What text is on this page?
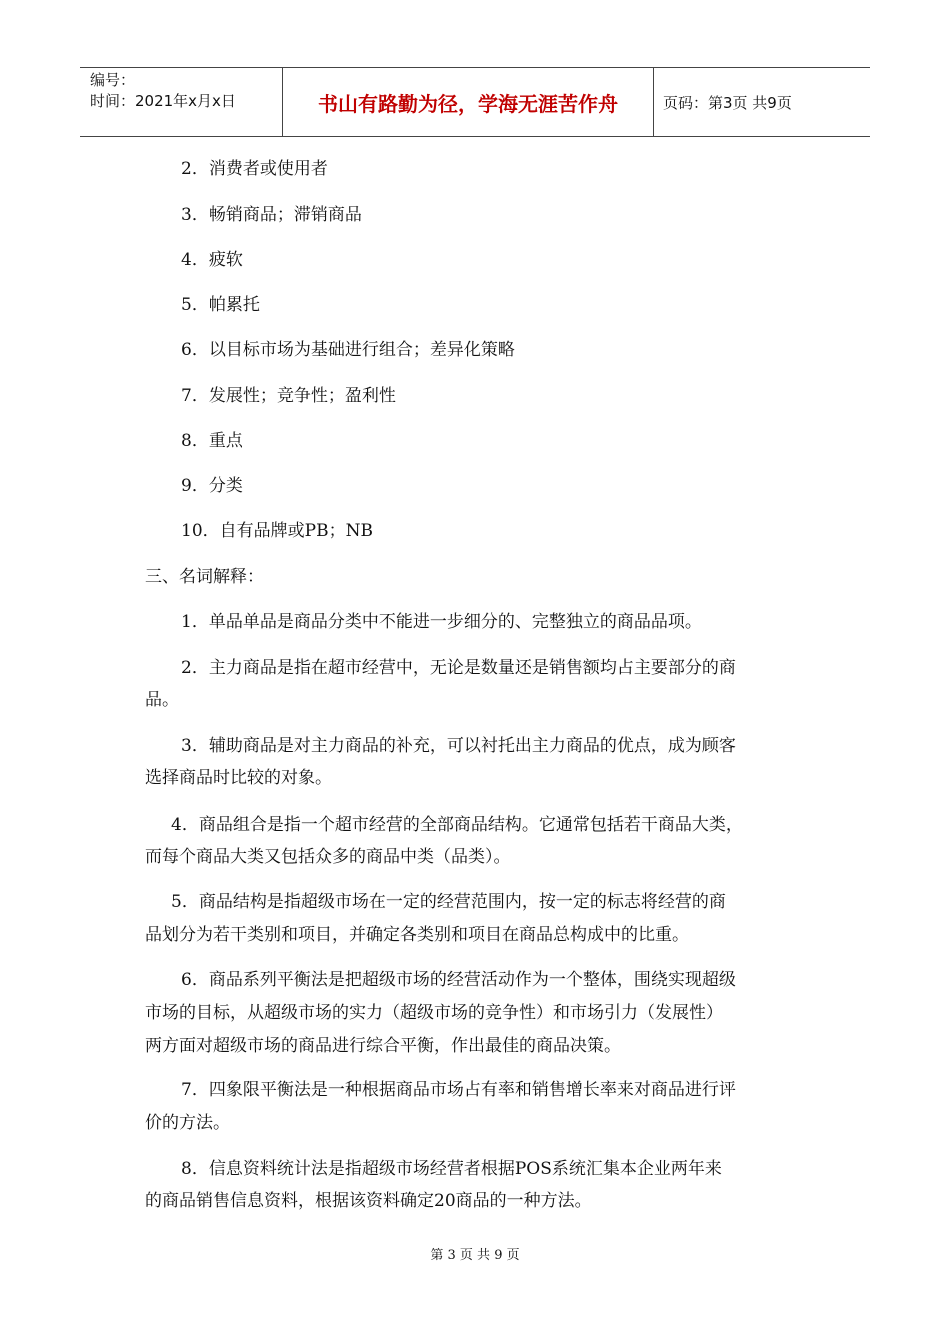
编号：
时间：2021年x月x日	书山有路勤为径，学海无涯苦作舟	页码：第3页 共9页
2．消费者或使用者
3．畅销商品；滞销商品
4．疲软
5．帕累托
6．以目标市场为基础进行组合；差异化策略
7．发展性；竞争性；盈利性
8．重点
9．分类
10．自有品牌或PB；NB
三、名词解释：
1．单品单品是商品分类中不能进一步细分的、完整独立的商品品项。
2．主力商品是指在超市经营中，无论是数量还是销售额均占主要部分的商
品。
3．辅助商品是对主力商品的补充，可以衬托出主力商品的优点，成为顾客
选择商品时比较的对象。
4．商品组合是指一个超市经营的全部商品结构。它通常包括若干商品大类，
而每个商品大类又包括众多的商品中类（品类）。
5．商品结构是指超级市场在一定的经营范围内，按一定的标志将经营的商
品划分为若干类别和项目，并确定各类别和项目在商品总构成中的比重。
6．商品系列平衡法是把超级市场的经营活动作为一个整体，围绕实现超级
市场的目标，从超级市场的实力（超级市场的竞争性）和市场引力（发展性）
两方面对超级市场的商品进行综合平衡，作出最佳的商品决策。
7．四象限平衡法是一种根据商品市场占有率和销售增长率来对商品进行评
价的方法。
8．信息资料统计法是指超级市场经营者根据POS系统汇集本企业两年来
的商品销售信息资料，根据该资料确定20商品的一种方法。
第 3 页 共 9 页
